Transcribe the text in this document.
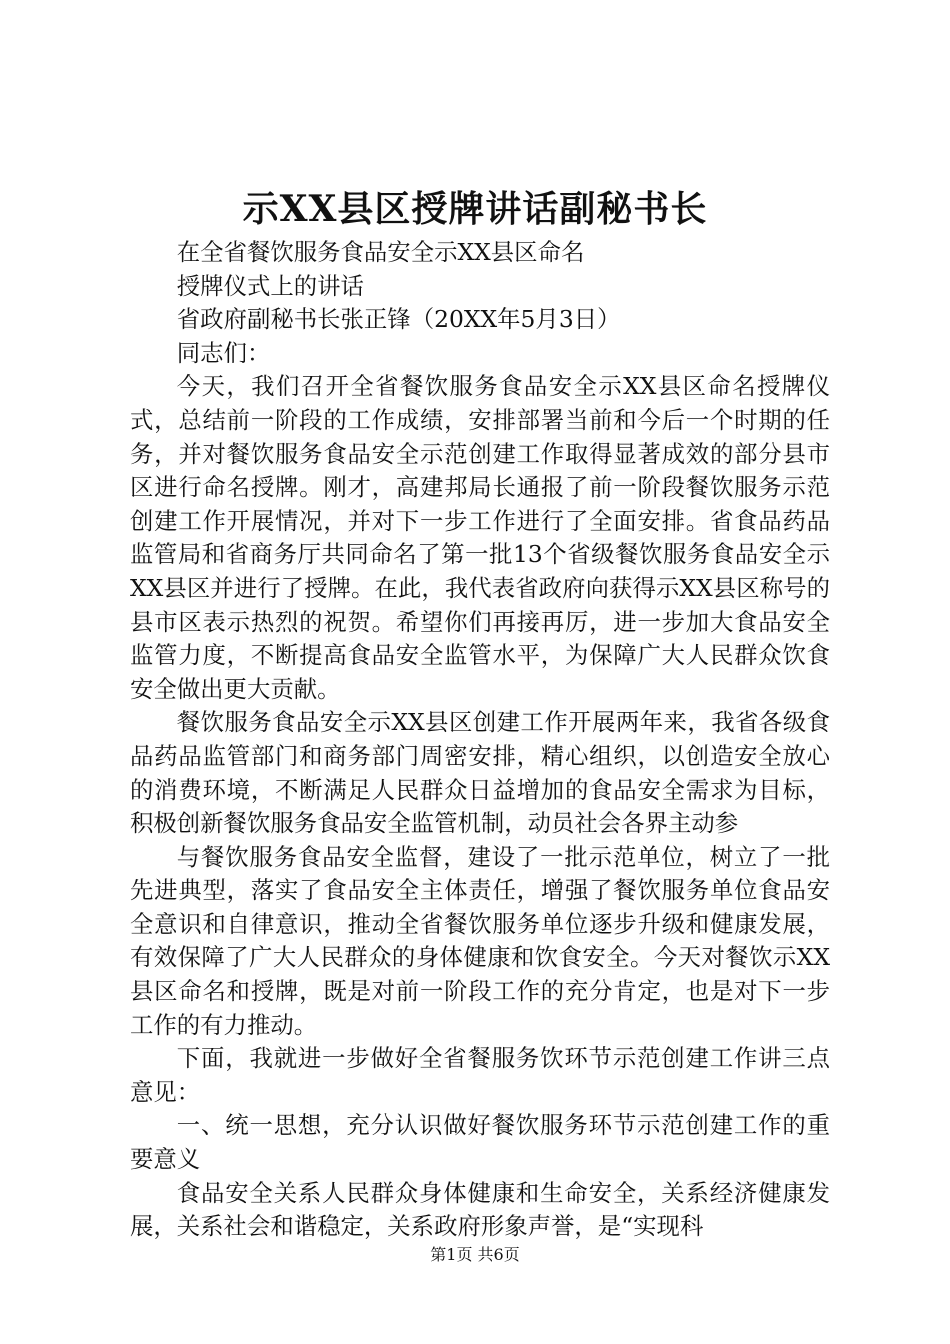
示XX县区授牌讲话副秘书长

在全省餐饮服务食品安全示XX县区命名

授牌仪式上的讲话

省政府副秘书长张正锋（20XX年5月3日）

同志们：

今天，我们召开全省餐饮服务食品安全示XX县区命名授牌仪式，总结前一阶段的工作成绩，安排部署当前和今后一个时期的任务，并对餐饮服务食品安全示范创建工作取得显著成效的部分县市区进行命名授牌。刚才，高建邦局长通报了前一阶段餐饮服务示范创建工作开展情况，并对下一步工作进行了全面安排。省食品药品监管局和省商务厅共同命名了第一批13个省级餐饮服务食品安全示XX县区并进行了授牌。在此，我代表省政府向获得示XX县区称号的县市区表示热烈的祝贺。希望你们再接再厉，进一步加大食品安全监管力度，不断提高食品安全监管水平，为保障广大人民群众饮食安全做出更大贡献。

餐饮服务食品安全示XX县区创建工作开展两年来，我省各级食品药品监管部门和商务部门周密安排，精心组织，以创造安全放心的消费环境，不断满足人民群众日益增加的食品安全需求为目标，积极创新餐饮服务食品安全监管机制，动员社会各界主动参

与餐饮服务食品安全监督，建设了一批示范单位，树立了一批先进典型，落实了食品安全主体责任，增强了餐饮服务单位食品安全意识和自律意识，推动全省餐饮服务单位逐步升级和健康发展，有效保障了广大人民群众的身体健康和饮食安全。今天对餐饮示XX县区命名和授牌，既是对前一阶段工作的充分肯定，也是对下一步工作的有力推动。

下面，我就进一步做好全省餐服务饮环节示范创建工作讲三点意见：

一、统一思想，充分认识做好餐饮服务环节示范创建工作的重要意义

食品安全关系人民群众身体健康和生命安全，关系经济健康发展，关系社会和谐稳定，关系政府形象声誉，是“实现科

第1页 共6页
